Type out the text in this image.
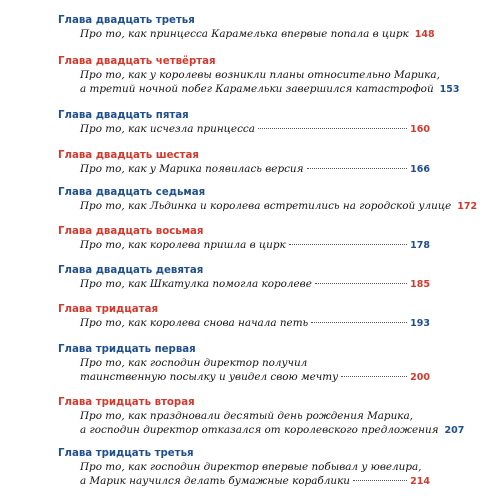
Глава двадцать третья
Про то, как принцесса Карамелька впервые попала в цирк 148
Глава двадцать четвёртая
Про то, как у королевы возникли планы относительно Марика,
а третий ночной побег Карамельки завершился катастрофой 153
Глава двадцать пятая
Про то, как исчезла принцесса	160
Глава двадцать шестая
Про то, как у Марика появилась версия	166
Глава двадцать седьмая
Про то, как Льдинка и королева встретились на городской улице 172
Глава двадцать восьмая
Про то, как королева пришла в цирк	178
Глава двадцать девятая
Про то, как Шкатулка помогла королеве	185
Глава тридцатая
Про то, как королева снова начала петь	193
Глава тридцать первая
Про то, как господин директор получил
таинственную посылку и увидел свою мечту	200
Глава тридцать вторая
Про то, как праздновали десятый день рождения Марика,
а господин директор отказался от королевского предложения 207
Глава тридцать третья
Про то, как господин директор впервые побывал у ювелира,
а Марик научился делать бумажные кораблики	214
